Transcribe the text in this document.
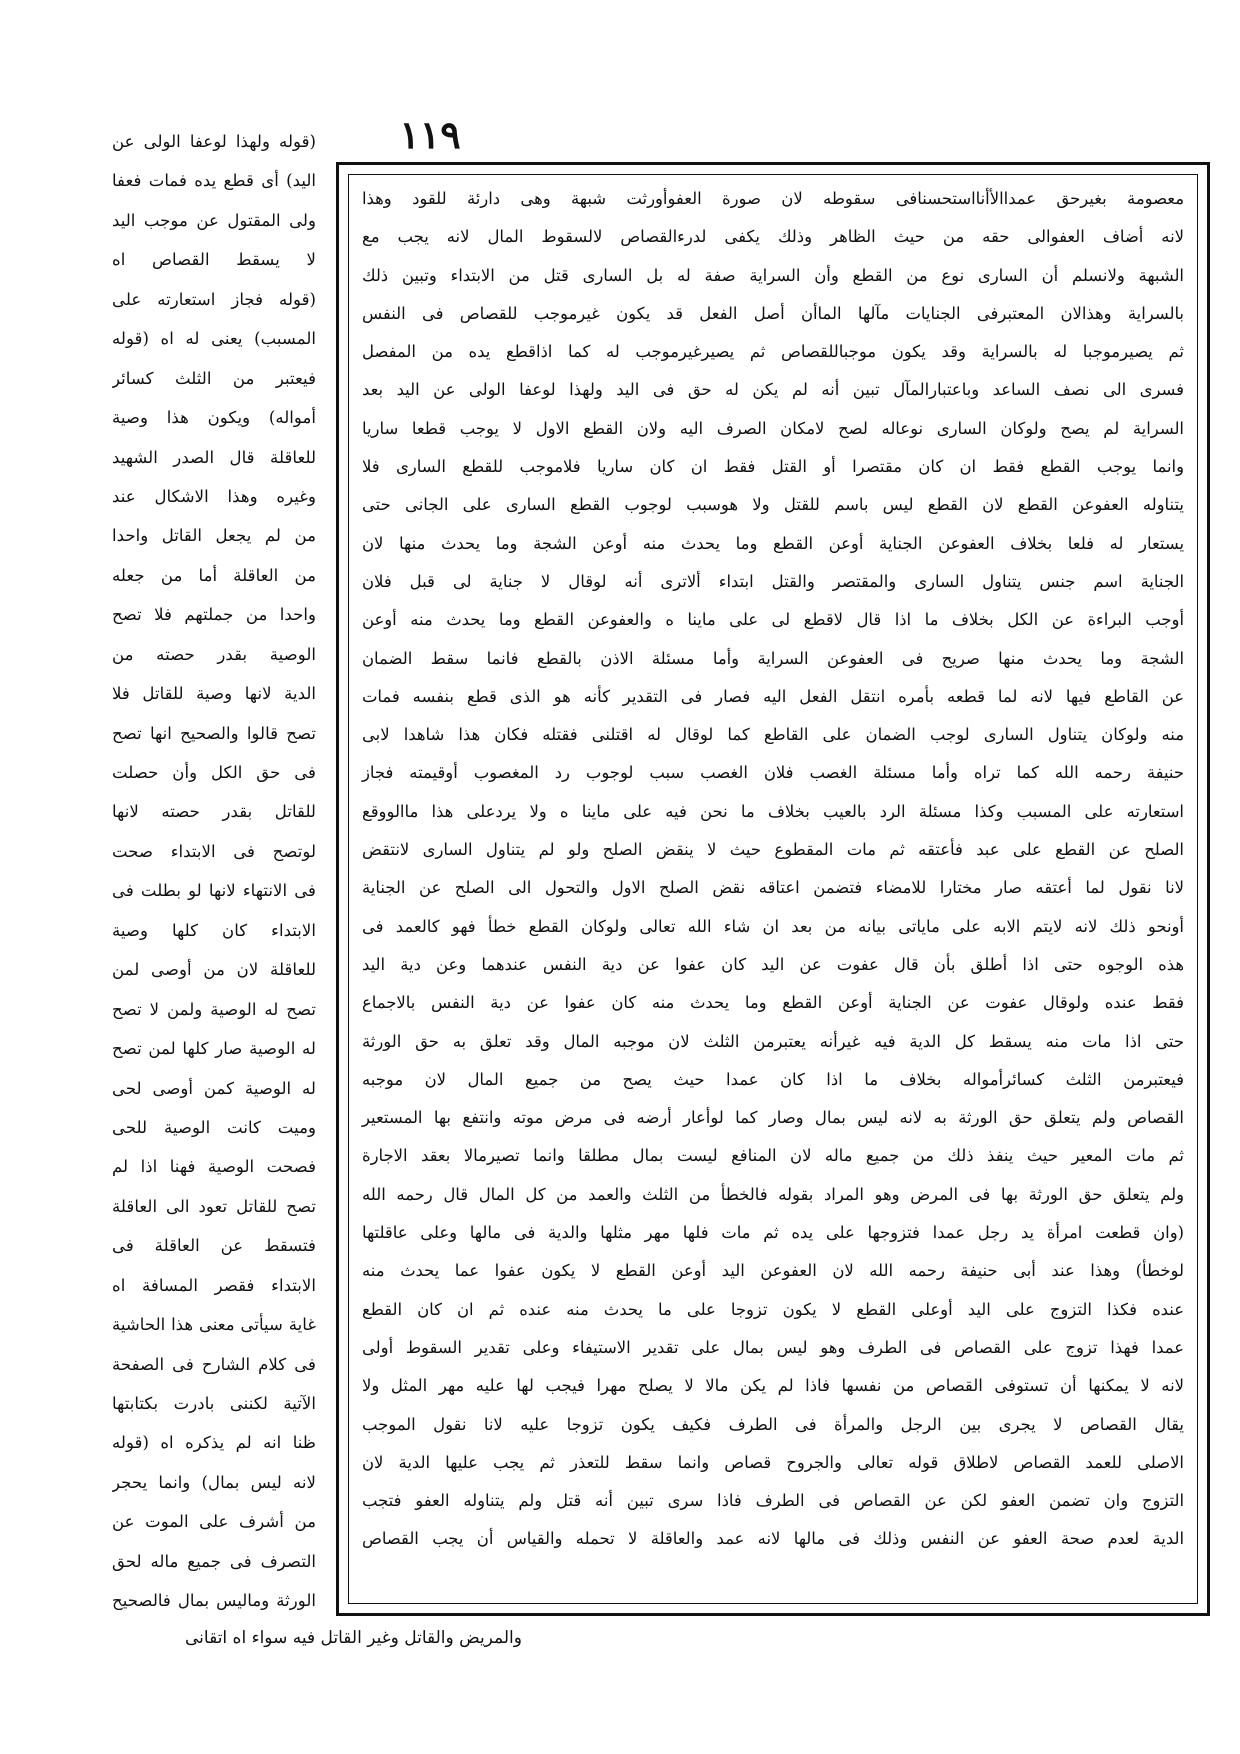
١١٩
معصومة بغيرحق عمداالأأنااستحسنافى سقوطه لان صورة العفوأورثت شبهة وهى دارئة للقود وهذا
لانه أضاف العفوالى حقه من حيث الظاهر وذلك يكفى لدرءالقصاص لالسقوط المال لانه يجب مع
الشبهة ولانسلم أن السارى نوع من القطع وأن السراية صفة له بل السارى قتل من الابتداء وتبين ذلك
بالسراية وهذالان المعتبرفى الجنايات مآلها الماأن أصل الفعل قد يكون غيرموجب للقصاص فى النفس
ثم يصيرموجبا له بالسراية وقد يكون موجباللقصاص ثم يصيرغيرموجب له كما اذاقطع يده من المفصل
فسرى الى نصف الساعد وباعتبارالمآل تبين أنه لم يكن له حق فى اليد ولهذا لوعفا الولى عن اليد بعد
السراية لم يصح ولوكان السارى نوعاله لصح لامكان الصرف اليه ولان القطع الاول لا يوجب قطعا ساريا
وانما يوجب القطع فقط ان كان مقتصرا أو القتل فقط ان كان ساريا فلاموجب للقطع السارى فلا
يتناوله العفوعن القطع لان القطع ليس باسم للقتل ولا هوسبب لوجوب القطع السارى على الجانى حتى
يستعار له فلعا بخلاف العفوعن الجناية أوعن القطع وما يحدث منه أوعن الشجة وما يحدث منها لان
الجناية اسم جنس يتناول السارى والمقتصر والقتل ابتداء ألاترى أنه لوقال لا جناية لى قبل فلان
أوجب البراءة عن الكل بخلاف ما اذا قال لاقطع لى على ماينا ه والعفوعن القطع وما يحدث منه أوعن
الشجة وما يحدث منها صريح فى العفوعن السراية وأما مسئلة الاذن بالقطع فانما سقط الضمان
عن القاطع فيها لانه لما قطعه بأمره انتقل الفعل اليه فصار فى التقدير كأنه هو الذى قطع بنفسه فمات
منه ولوكان يتناول السارى لوجب الضمان على القاطع كما لوقال له اقتلنى فقتله فكان هذا شاهدا لابى
حنيفة رحمه الله كما تراه وأما مسئلة الغصب فلان الغصب سبب لوجوب رد المغصوب أوقيمته فجاز
استعارته على المسبب وكذا مسئلة الرد بالعيب بخلاف ما نحن فيه على ماينا ه ولا يردعلى هذا ماالووقع
الصلح عن القطع على عبد فأعتقه ثم مات المقطوع حيث لا ينقض الصلح ولو لم يتناول السارى لانتقض
لانا نقول لما أعتقه صار مختارا للامضاء فتضمن اعتاقه نقض الصلح الاول والتحول الى الصلح عن الجناية
أونحو ذلك لانه لايتم الابه على ماياتى بيانه من بعد ان شاء الله تعالى ولوكان القطع خطأ فهو كالعمد فى
هذه الوجوه حتى اذا أطلق بأن قال عفوت عن اليد كان عفوا عن دية النفس عندهما وعن دية اليد
فقط عنده ولوقال عفوت عن الجناية أوعن القطع وما يحدث منه كان عفوا عن دية النفس بالاجماع
حتى اذا مات منه يسقط كل الدية فيه غيرأنه يعتبرمن الثلث لان موجبه المال وقد تعلق به حق الورثة
فيعتبرمن الثلث كسائرأمواله بخلاف ما اذا كان عمدا حيث يصح من جميع المال لان موجبه
القصاص ولم يتعلق حق الورثة به لانه ليس بمال وصار كما لوأعار أرضه فى مرض موته وانتفع بها المستعير
ثم مات المعير حيث ينفذ ذلك من جميع ماله لان المنافع ليست بمال مطلقا وانما تصيرمالا بعقد الاجارة
ولم يتعلق حق الورثة بها فى المرض وهو المراد بقوله فالخطأ من الثلث والعمد من كل المال قال رحمه الله
(وان قطعت امرأة يد رجل عمدا فتزوجها على يده ثم مات فلها مهر مثلها والدية فى مالها وعلى عاقلتها
لوخطأ) وهذا عند أبى حنيفة رحمه الله لان العفوعن اليد أوعن القطع لا يكون عفوا عما يحدث منه
عنده فكذا التزوج على اليد أوعلى القطع لا يكون تزوجا على ما يحدث منه عنده ثم ان كان القطع
عمدا فهذا تزوج على القصاص فى الطرف وهو ليس بمال على تقدير الاستيفاء وعلى تقدير السقوط أولى
لانه لا يمكنها أن تستوفى القصاص من نفسها فاذا لم يكن مالا لا يصلح مهرا فيجب لها عليه مهر المثل ولا
يقال القصاص لا يجرى بين الرجل والمرأة فى الطرف فكيف يكون تزوجا عليه لانا نقول الموجب
الاصلى للعمد القصاص لاطلاق قوله تعالى والجروح قصاص وانما سقط للتعذر ثم يجب عليها الدية لان
التزوج وان تضمن العفو لكن عن القصاص فى الطرف فاذا سرى تبين أنه قتل ولم يتناوله العفو فتجب
الدية لعدم صحة العفو عن النفس وذلك فى مالها لانه عمد والعاقلة لا تحمله والقياس أن يجب القصاص
(قوله ولهذا لوعفا الولى عن
اليد) أى قطع يده فمات فعفا
ولى المقتول عن موجب اليد
لا يسقط القصاص اه
(قوله فجاز استعارته على
المسبب) يعنى له اه (قوله
فيعتبر من الثلث كسائر
أمواله) ويكون هذا وصية
للعاقلة قال الصدر الشهيد
وغيره وهذا الاشكال عند
من لم يجعل القاتل واحدا
من العاقلة أما من جعله
واحدا من جملتهم فلا تصح
الوصية بقدر حصته من
الدية لانها وصية للقاتل فلا
تصح قالوا والصحيح انها تصح
فى حق الكل وأن حصلت
للقاتل بقدر حصته لانها
لوتصح فى الابتداء صحت
فى الانتهاء لانها لو بطلت فى
الابتداء كان كلها وصية
للعاقلة لان من أوصى لمن
تصح له الوصية ولمن لا تصح
له الوصية صار كلها لمن تصح
له الوصية كمن أوصى لحى
وميت كانت الوصية للحى
فصحت الوصية فهنا اذا لم
تصح للقاتل تعود الى العاقلة
فتسقط عن العاقلة فى
الابتداء فقصر المسافة اه
غاية سيأتى معنى هذا الحاشية
فى كلام الشارح فى الصفحة
الآتية لكننى بادرت بكتابتها
ظنا انه لم يذكره اه (قوله
لانه ليس بمال) وانما يحجر
من أشرف على الموت عن
التصرف فى جميع ماله لحق
الورثة وماليس بمال فالصحيح
والمريض والقاتل وغير القاتل فيه سواء اه اتقانى
